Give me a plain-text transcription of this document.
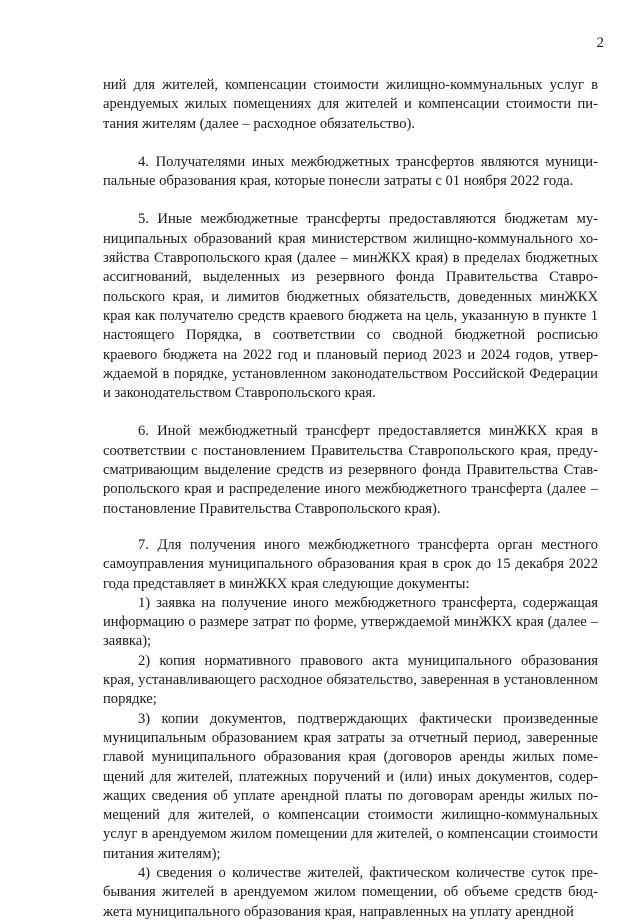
2

ний для жителей, компенсации стоимости жилищно-коммунальных услуг в арендуемых жилых помещениях для жителей и компенсации стоимости питания жителям (далее – расходное обязательство).

4. Получателями иных межбюджетных трансфертов являются муниципальные образования края, которые понесли затраты с 01 ноября 2022 года.

5. Иные межбюджетные трансферты предоставляются бюджетам муниципальных образований края министерством жилищно-коммунального хозяйства Ставропольского края (далее – минЖКХ края) в пределах бюджетных ассигнований, выделенных из резервного фонда Правительства Ставропольского края, и лимитов бюджетных обязательств, доведенных минЖКХ края как получателю средств краевого бюджета на цель, указанную в пункте 1 настоящего Порядка, в соответствии со сводной бюджетной росписью краевого бюджета на 2022 год и плановый период 2023 и 2024 годов, утверждаемой в порядке, установленном законодательством Российской Федерации и законодательством Ставропольского края.

6. Иной межбюджетный трансферт предоставляется минЖКХ края в соответствии с постановлением Правительства Ставропольского края, предусматривающим выделение средств из резервного фонда Правительства Ставропольского края и распределение иного межбюджетного трансферта (далее – постановление Правительства Ставропольского края).

7. Для получения иного межбюджетного трансферта орган местного самоуправления муниципального образования края в срок до 15 декабря 2022 года представляет в минЖКХ края следующие документы:

1) заявка на получение иного межбюджетного трансферта, содержащая информацию о размере затрат по форме, утверждаемой минЖКХ края (далее – заявка);

2) копия нормативного правового акта муниципального образования края, устанавливающего расходное обязательство, заверенная в установленном порядке;

3) копии документов, подтверждающих фактически произведенные муниципальным образованием края затраты за отчетный период, заверенные главой муниципального образования края (договоров аренды жилых помещений для жителей, платежных поручений и (или) иных документов, содержащих сведения об уплате арендной платы по договорам аренды жилых помещений для жителей, о компенсации стоимости жилищно-коммунальных услуг в арендуемом жилом помещении для жителей, о компенсации стоимости питания жителям);

4) сведения о количестве жителей, фактическом количестве суток пребывания жителей в арендуемом жилом помещении, об объеме средств бюджета муниципального образования края, направленных на уплату арендной
